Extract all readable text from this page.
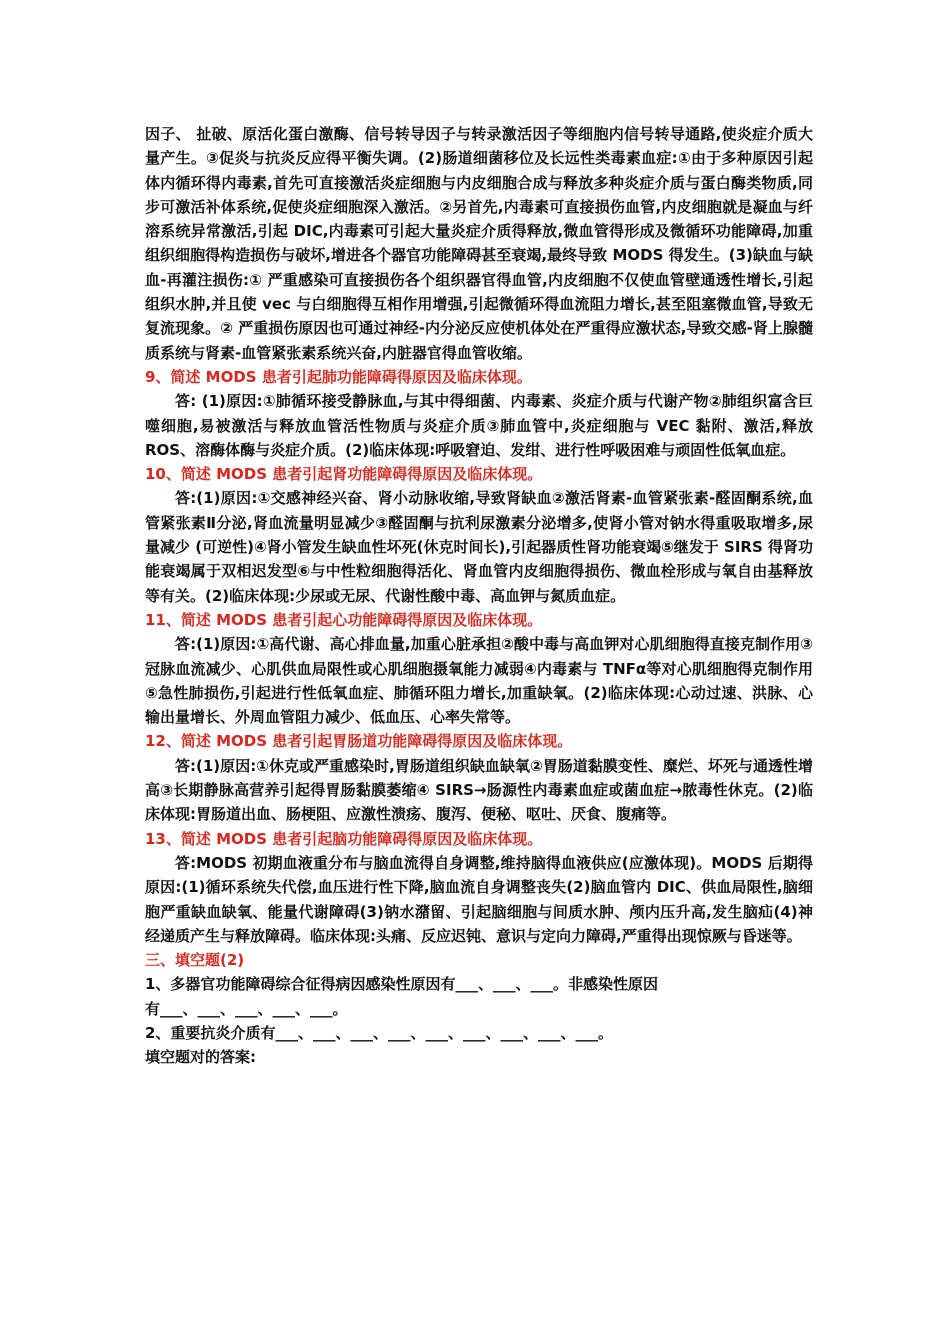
因子、 扯破、原活化蛋白激酶、信号转导因子与转录激活因子等细胞内信号转导通路,使炎症介质大量产生。③促炎与抗炎反应得平衡失调。(2)肠道细菌移位及长远性类毒素血症:①由于多种原因引起体内循环得内毒素,首先可直接激活炎症细胞与内皮细胞合成与释放多种炎症介质与蛋白酶类物质,同步可激活补体系统,促使炎症细胞深入激活。②另首先,内毒素可直接损伤血管,内皮细胞就是凝血与纤溶系统异常激活,引起 DIC,内毒素可引起大量炎症介质得释放,微血管得形成及微循环功能障碍,加重组织细胞得构造损伤与破坏,增进各个器官功能障碍甚至衰竭,最终导致 MODS 得发生。(3)缺血与缺血-再灌注损伤:① 严重感染可直接损伤各个组织器官得血管,内皮细胞不仅使血管壁通透性增长,引起组织水肿,并且使 vec 与白细胞得互相作用增强,引起微循环得血流阻力增长,甚至阻塞微血管,导致无复流现象。② 严重损伤原因也可通过神经-内分泌反应使机体处在严重得应激状态,导致交感-肾上腺髓质系统与肾素-血管紧张素系统兴奋,内脏器官得血管收缩。

9、简述 MODS 患者引起肺功能障碍得原因及临床体现。

答: (1)原因:①肺循环接受静脉血,与其中得细菌、内毒素、炎症介质与代谢产物②肺组织富含巨噬细胞,易被激活与释放血管活性物质与炎症介质③肺血管中,炎症细胞与 VEC 黏附、激活,释放 ROS、溶酶体酶与炎症介质。(2)临床体现:呼吸窘迫、发绀、进行性呼吸困难与顽固性低氧血症。

10、简述 MODS 患者引起肾功能障碍得原因及临床体现。

答:(1)原因:①交感神经兴奋、肾小动脉收缩,导致肾缺血②激活肾素-血管紧张素-醛固酮系统,血管紧张素Ⅱ分泌,肾血流量明显减少③醛固酮与抗利尿激素分泌增多,使肾小管对钠水得重吸取增多,尿量减少 (可逆性)④肾小管发生缺血性坏死(休克时间长),引起器质性肾功能衰竭⑤继发于 SIRS 得肾功能衰竭属于双相迟发型⑥与中性粒细胞得活化、肾血管内皮细胞得损伤、微血栓形成与氧自由基释放等有关。(2)临床体现:少尿或无尿、代谢性酸中毒、高血钾与氮质血症。

11、简述 MODS 患者引起心功能障碍得原因及临床体现。

答:(1)原因:①高代谢、高心排血量,加重心脏承担②酸中毒与高血钾对心肌细胞得直接克制作用③冠脉血流减少、心肌供血局限性或心肌细胞摄氧能力减弱④内毒素与 TNFα等对心肌细胞得克制作用⑤急性肺损伤,引起进行性低氧血症、肺循环阻力增长,加重缺氧。(2)临床体现:心动过速、洪脉、心输出量增长、外周血管阻力减少、低血压、心率失常等。

12、简述 MODS 患者引起胃肠道功能障碍得原因及临床体现。

答:(1)原因:①休克或严重感染时,胃肠道组织缺血缺氧②胃肠道黏膜变性、糜烂、坏死与通透性增高③长期静脉高营养引起得胃肠黏膜萎缩④ SIRS→肠源性内毒素血症或菌血症→脓毒性休克。(2)临床体现:胃肠道出血、肠梗阻、应激性溃疡、腹泻、便秘、呕吐、厌食、腹痛等。

13、简述 MODS 患者引起脑功能障碍得原因及临床体现。

答:MODS 初期血液重分布与脑血流得自身调整,维持脑得血液供应(应激体现)。MODS 后期得原因:(1)循环系统失代偿,血压进行性下降,脑血流自身调整丧失(2)脑血管内 DIC、供血局限性,脑细胞严重缺血缺氧、能量代谢障碍(3)钠水潴留、引起脑细胞与间质水肿、颅内压升高,发生脑疝(4)神经递质产生与释放障碍。临床体现:头痛、反应迟钝、意识与定向力障碍,严重得出现惊厥与昏迷等。

三、填空题(2)

1、多器官功能障碍综合征得病因感染性原因有___、___、___。非感染性原因

有___、___、___、___、___。

2、重要抗炎介质有___、___、___、___、___、___、___、___、___。

填空题对的答案:
